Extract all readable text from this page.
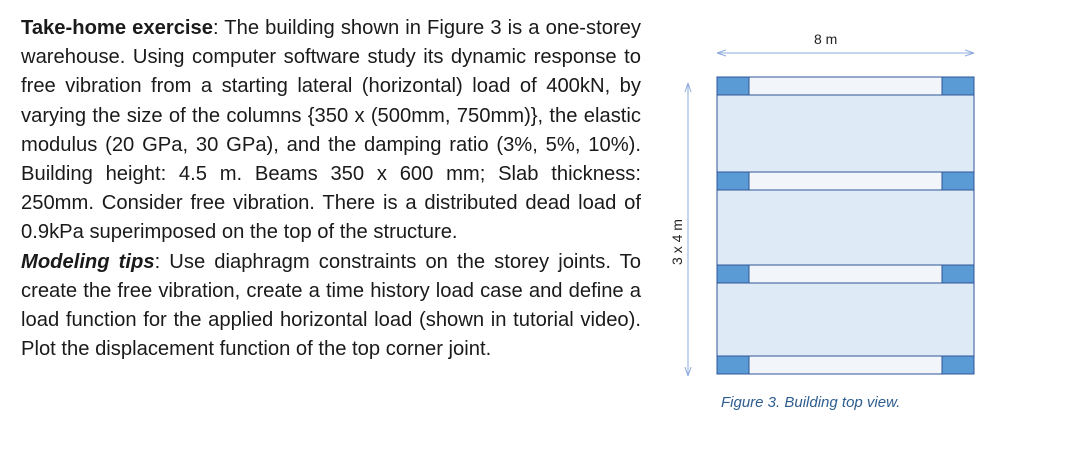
Take-home exercise: The building shown in Figure 3 is a one-storey warehouse. Using computer software study its dynamic response to free vibration from a starting lateral (horizontal) load of 400kN, by varying the size of the columns {350 x (500mm, 750mm)}, the elastic modulus (20 GPa, 30 GPa), and the damping ratio (3%, 5%, 10%). Building height: 4.5 m. Beams 350 x 600 mm; Slab thickness: 250mm. Consider free vibration. There is a distributed dead load of 0.9kPa superimposed on the top of the structure.

Modeling tips: Use diaphragm constraints on the storey joints. To create the free vibration, create a time history load case and define a load function for the applied horizontal load (shown in tutorial video). Plot the displacement function of the top corner joint.

8 m
3 x 4 m
Figure 3. Building top view.
